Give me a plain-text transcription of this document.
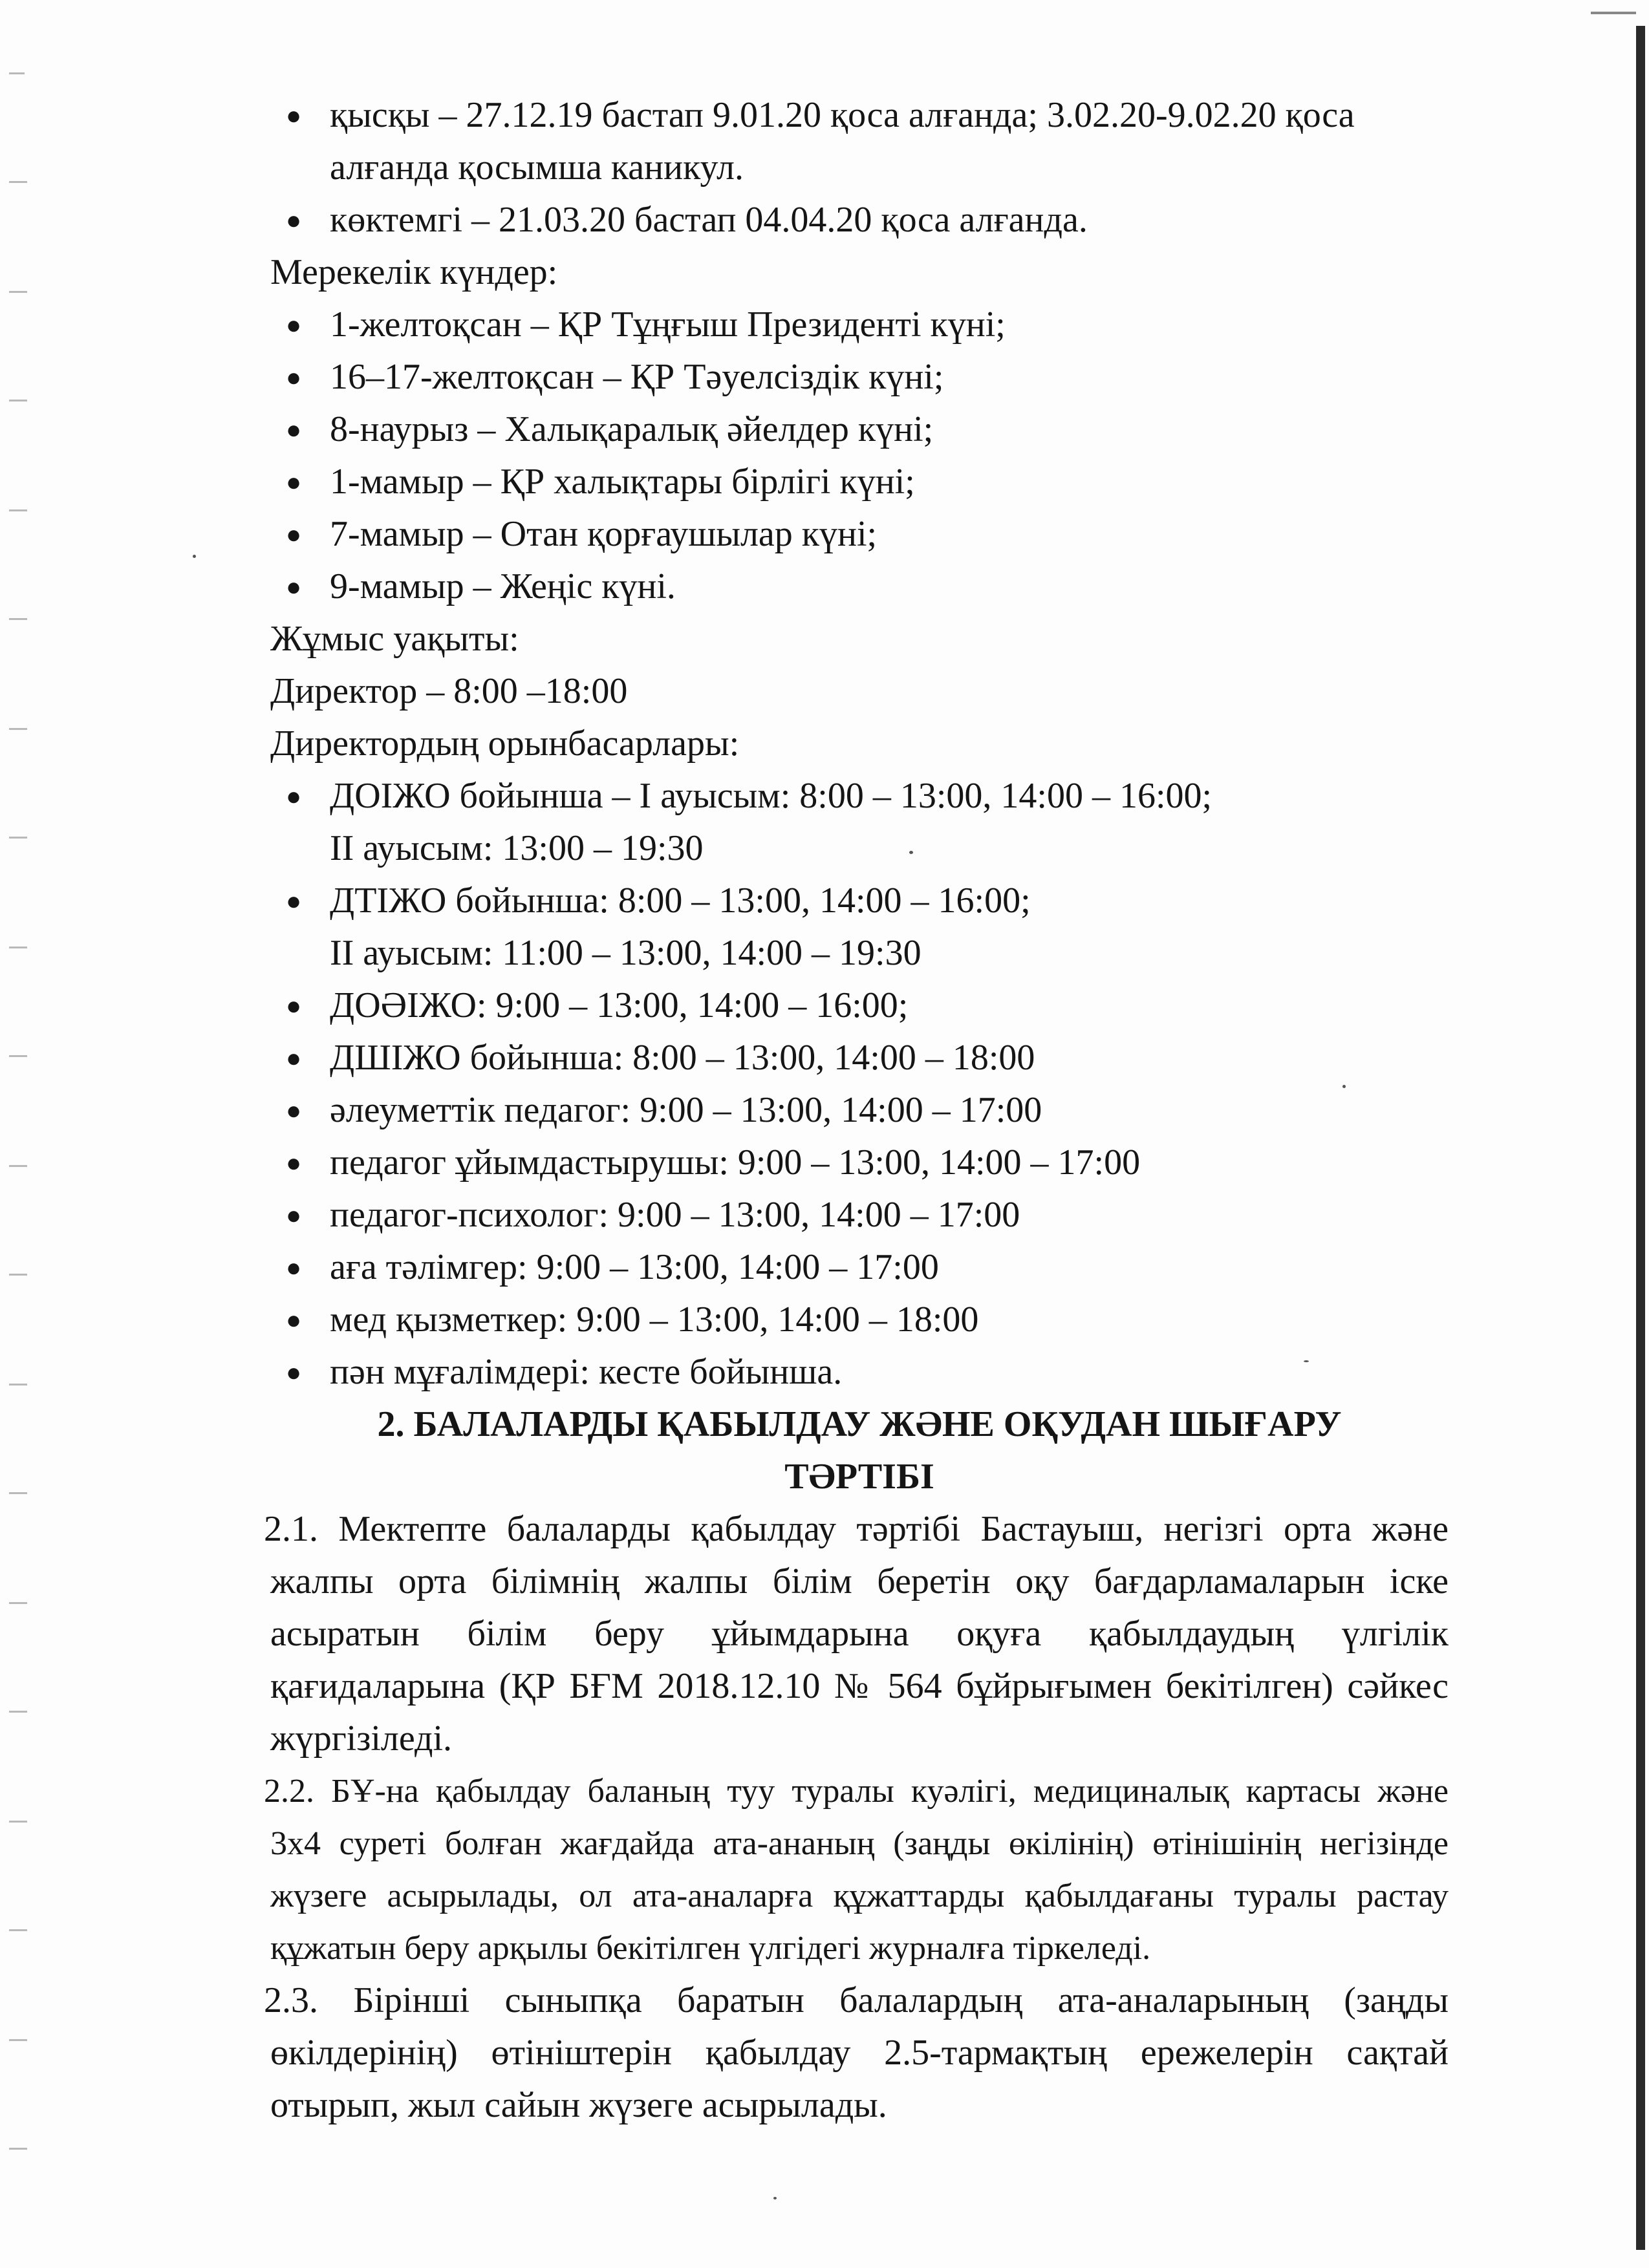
● қысқы – 27.12.19 бастап 9.01.20 қоса алғанда; 3.02.20-9.02.20 қоса

алғанда қосымша каникул.

● көктемгі – 21.03.20 бастап 04.04.20 қоса алғанда.

Мерекелік күндер:

● 1-желтоқсан – ҚР Тұңғыш Президенті күні;

● 16–17-желтоқсан – ҚР Тәуелсіздік күні;

● 8-наурыз – Халықаралық әйелдер күні;

● 1-мамыр – ҚР халықтары бірлігі күні;

● 7-мамыр – Отан қорғаушылар күні;

● 9-мамыр – Жеңіс күні.

Жұмыс уақыты:

Директор – 8:00 –18:00

Директордың орынбасарлары:

● ДОІЖО бойынша – І ауысым: 8:00 – 13:00, 14:00 – 16:00;

ІІ ауысым: 13:00 – 19:30

● ДТІЖО бойынша: 8:00 – 13:00, 14:00 – 16:00;

ІІ ауысым: 11:00 – 13:00, 14:00 – 19:30

● ДОӘІЖО: 9:00 – 13:00, 14:00 – 16:00;

● ДШІЖО бойынша: 8:00 – 13:00, 14:00 – 18:00

● әлеуметтік педагог: 9:00 – 13:00, 14:00 – 17:00

● педагог ұйымдастырушы: 9:00 – 13:00, 14:00 – 17:00

● педагог-психолог: 9:00 – 13:00, 14:00 – 17:00

● аға тәлімгер: 9:00 – 13:00, 14:00 – 17:00

● мед қызметкер: 9:00 – 13:00, 14:00 – 18:00

● пән мұғалімдері: кесте бойынша.

2. БАЛАЛАРДЫ ҚАБЫЛДАУ ЖӘНЕ ОҚУДАН ШЫҒАРУ

ТӘРТІБІ

2.1. Мектепте балаларды қабылдау тәртібі Бастауыш, негізгі орта және

жалпы орта білімнің жалпы білім беретін оқу бағдарламаларын іске

асыратын білім беру ұйымдарына оқуға қабылдаудың үлгілік

қағидаларына (ҚР БҒМ 2018.12.10 № 564 бұйрығымен бекітілген) сәйкес

жүргізіледі.

2.2. БҰ-на қабылдау баланың туу туралы куәлігі, медициналық картасы және

3х4 суреті болған жағдайда ата-ананың (заңды өкілінің) өтінішінің негізінде

жүзеге асырылады, ол ата-аналарға құжаттарды қабылдағаны туралы растау

құжатын беру арқылы бекітілген үлгідегі журналға тіркеледі.

2.3. Бірінші сыныпқа баратын балалардың ата-аналарының (заңды

өкілдерінің) өтініштерін қабылдау 2.5-тармақтың ережелерін сақтай

отырып, жыл сайын жүзеге асырылады.
